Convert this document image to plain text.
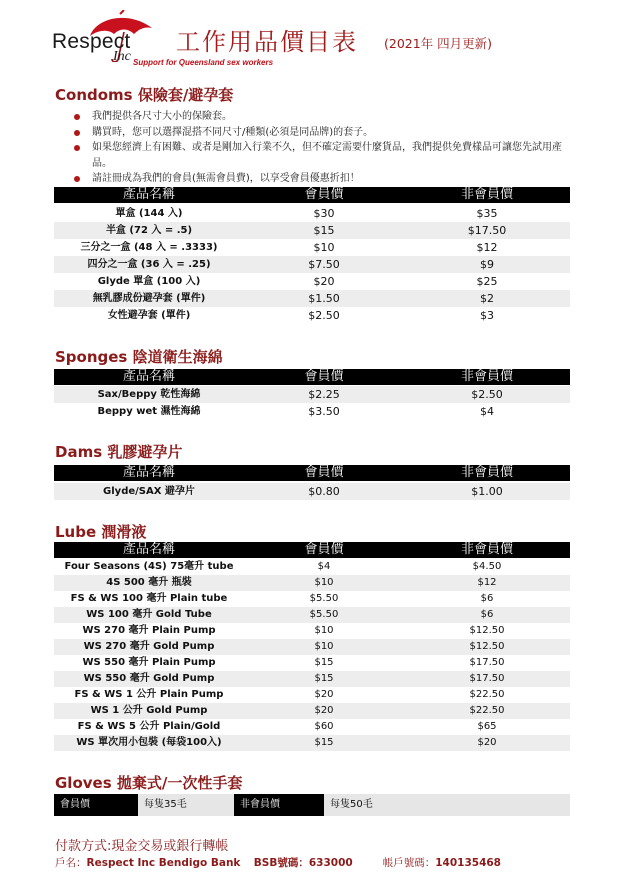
Respect
Inc Support for Queensland sex workers
工作用品價目表 (2021年 四月更新)
Condoms 保險套/避孕套
我們提供各尺寸大小的保險套。
購買時，您可以選擇混搭不同尺寸/種類(必須是同品牌)的套子。
如果您經濟上有困難、或者是剛加入行業不久，但不確定需要什麼貨品，我們提供免費樣品可讓您先試用產品。
請註冊成為我們的會員(無需會員費)，以享受會員優惠折扣！
產品名稱	會員價	非會員價
單盒 (144 入)	$30	$35
半盒 (72 入 = .5)	$15	$17.50
三分之一盒 (48 入 = .3333)	$10	$12
四分之一盒 (36 入 = .25)	$7.50	$9
Glyde 單盒 (100 入)	$20	$25
無乳膠成份避孕套 (單件)	$1.50	$2
女性避孕套 (單件)	$2.50	$3
Sponges 陰道衛生海綿
產品名稱	會員價	非會員價
Sax/Beppy 乾性海綿	$2.25	$2.50
Beppy wet 濕性海綿	$3.50	$4
Dams 乳膠避孕片
產品名稱	會員價	非會員價
Glyde/SAX 避孕片	$0.80	$1.00
Lube 潤滑液
產品名稱	會員價	非會員價
Four Seasons (4S) 75毫升 tube	$4	$4.50
4S 500 毫升 瓶裝	$10	$12
FS & WS 100 毫升 Plain tube	$5.50	$6
WS 100 毫升 Gold Tube	$5.50	$6
WS 270 毫升 Plain Pump	$10	$12.50
WS 270 毫升 Gold Pump	$10	$12.50
WS 550 毫升 Plain Pump	$15	$17.50
WS 550 毫升 Gold Pump	$15	$17.50
FS & WS 1 公升 Plain Pump	$20	$22.50
WS 1 公升 Gold Pump	$20	$22.50
FS & WS 5 公升 Plain/Gold	$60	$65
WS 單次用小包裝 (每袋100入)	$15	$20
Gloves 拋棄式/一次性手套
會員價	每隻35毛	非會員價	每隻50毛
付款方式:現金交易或銀行轉帳
戶名：Respect Inc Bendigo Bank BSB號碼：633000	帳戶號碼：140135468
